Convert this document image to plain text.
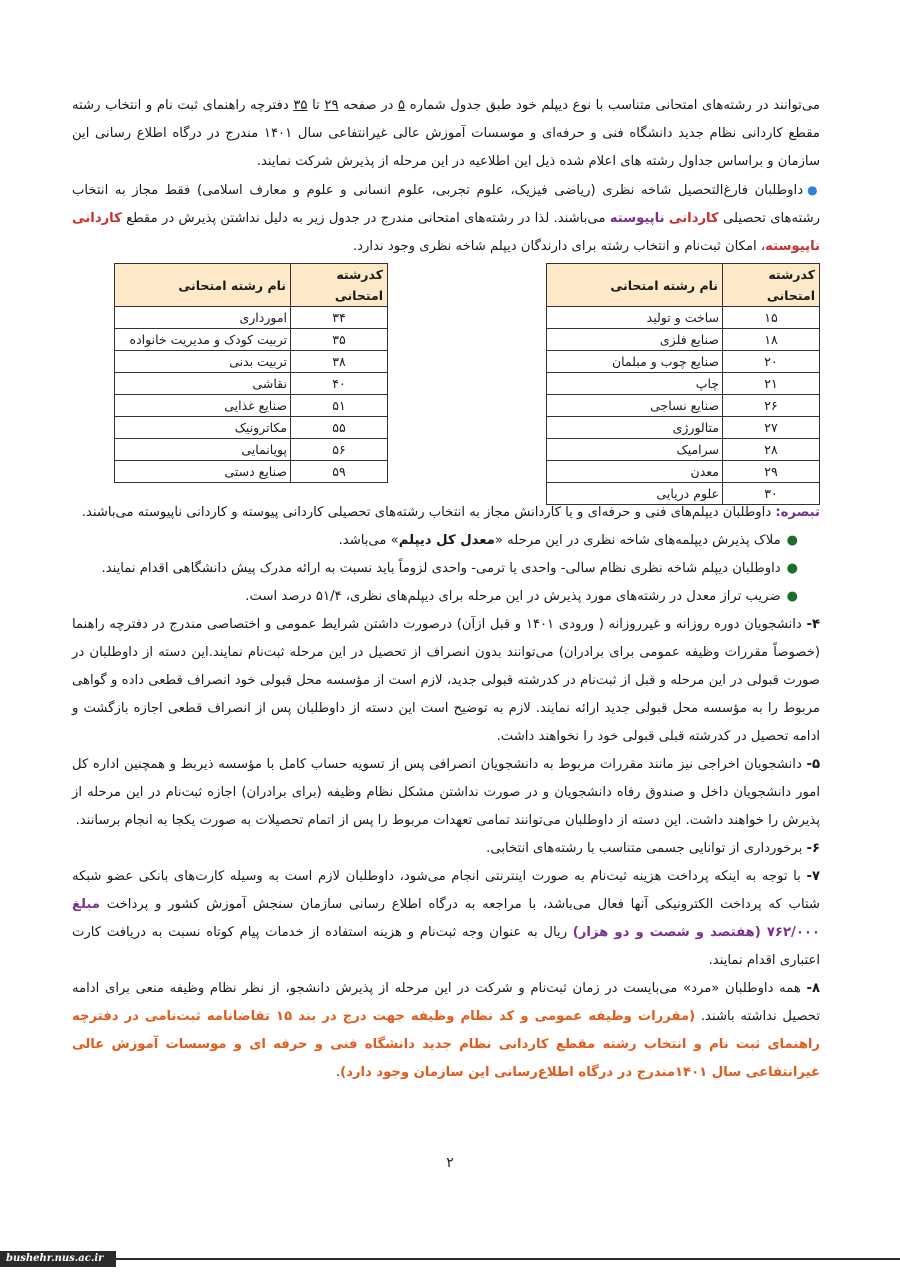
می‌توانند در رشته‌های امتحانی متناسب با نوع دیپلم خود طبق جدول شماره ۵ در صفحه ۲۹ تا ۳۵ دفترچه راهنمای ثبت نام و انتخاب رشته مقطع کاردانی نظام جدید دانشگاه فنی و حرفه‌ای و موسسات آموزش عالی غیرانتفاعی سال ۱۴۰۱ مندرج در درگاه اطلاع رسانی این سازمان و براساس جداول رشته های اعلام شده ذیل این اطلاعیه در این مرحله از پذیرش شرکت نمایند.

●داوطلبان فارغ‌التحصیل شاخه نظری (ریاضی فیزیک، علوم تجربی، علوم انسانی و علوم و معارف اسلامی) فقط مجاز به انتخاب رشته‌های تحصیلی کاردانی ناپیوسته می‌باشند. لذا در رشته‌های امتحانی مندرج در جدول زیر به دلیل نداشتن پذیرش در مقطع کاردانی ناپیوسته، امکان ثبت‌نام و انتخاب رشته برای دارندگان دیپلم شاخه نظری وجود ندارد.

کدرشته امتحانی	نام رشته امتحانی
۱۵	ساخت و تولید
۱۸	صنایع فلزی
۲۰	صنایع چوب و مبلمان
۲۱	چاپ
۲۶	صنایع نساجی
۲۷	متالورژی
۲۸	سرامیک
۲۹	معدن
۳۰	علوم دریایی
کدرشته امتحانی	نام رشته امتحانی
۳۴	امورداری
۳۵	تربیت کودک و مدیریت خانواده
۳۸	تربیت بدنی
۴۰	نقاشی
۵۱	صنایع غذایی
۵۵	مکاترونیک
۵۶	پویانمایی
۵۹	صنایع دستی

تبصره: داوطلبان دیپلم‌های فنی و حرفه‌ای و یا کاردانش مجاز به انتخاب رشته‌های تحصیلی کاردانی پیوسته و کاردانی ناپیوسته می‌باشند.

●ملاک پذیرش دیپلمه‌های شاخه نظری در این مرحله «معدل کل دیپلم» می‌باشد.

●داوطلبان دیپلم شاخه نظری نظام سالی- واحدی یا ترمی- واحدی لزوماً باید نسبت به ارائه مدرک پیش دانشگاهی اقدام نمایند.

●ضریب تراز معدل در رشته‌های مورد پذیرش در این مرحله برای دیپلم‌های نظری، ۵۱/۴ درصد است.

۴- دانشجویان دوره روزانه و غیرروزانه ( ورودی ۱۴۰۱ و قبل ازآن) درصورت داشتن شرایط عمومی و اختصاصی مندرج در دفترچه راهنما (خصوصاً مقررات وظیفه عمومی برای برادران) می‌توانند بدون انصراف از تحصیل در این مرحله ثبت‌نام نمایند.این دسته از داوطلبان در صورت قبولی در این مرحله و قبل از ثبت‌نام در کدرشته قبولی جدید، لازم است از مؤسسه محل قبولی خود انصراف قطعی داده و گواهی مربوط را به مؤسسه محل قبولی جدید ارائه نمایند. لازم به توضیح است این دسته از داوطلبان پس از انصراف قطعی اجازه بازگشت و ادامه تحصیل در کدرشته قبلی قبولی خود را نخواهند داشت.

۵- دانشجویان اخراجی نیز مانند مقررات مربوط به دانشجویان انصرافی پس از تسویه حساب کامل با مؤسسه ذیربط و همچنین اداره کل امور دانشجویان داخل و صندوق رفاه دانشجویان و در صورت نداشتن مشکل نظام وظیفه (برای برادران) اجازه ثبت‌نام در این مرحله از پذیرش را خواهند داشت. این دسته از داوطلبان می‌توانند تمامی تعهدات مربوط را پس از اتمام تحصیلات به صورت یکجا به انجام برسانند.

۶- برخورداری از توانایی جسمی متناسب با رشته‌های انتخابی.

۷- با توجه به اینکه پرداخت هزینه ثبت‌نام به صورت اینترنتی انجام می‌شود، داوطلبان لازم است به وسیله کارت‌های بانکی عضو شبکه شتاب که پرداخت الکترونیکی آنها فعال می‌باشد، با مراجعه به درگاه اطلاع رسانی سازمان سنجش آموزش کشور و پرداخت مبلغ ۷۶۲/۰۰۰ (هفتصد و شصت و دو هزار) ریال به عنوان وجه ثبت‌نام و هزینه استفاده از خدمات پیام کوتاه نسبت به دریافت کارت اعتباری اقدام نمایند.

۸- همه داوطلبان «مرد» می‌بایست در زمان ثبت‌نام و شرکت در این مرحله از پذیرش دانشجو، از نظر نظام وظیفه منعی برای ادامه تحصیل نداشته باشند. (مقررات وظیفه عمومی و کد نظام وظیفه جهت درج در بند ۱۵ تقاضانامه ثبت‌نامی در دفترچه راهنمای ثبت نام و انتخاب رشته مقطع کاردانی نظام جدید دانشگاه فنی و حرفه ای و موسسات آموزش عالی غیرانتفاعی سال ۱۴۰۱مندرج در درگاه اطلاع‌رسانی این سازمان وجود دارد).

۲
bushehr.nus.ac.ir
